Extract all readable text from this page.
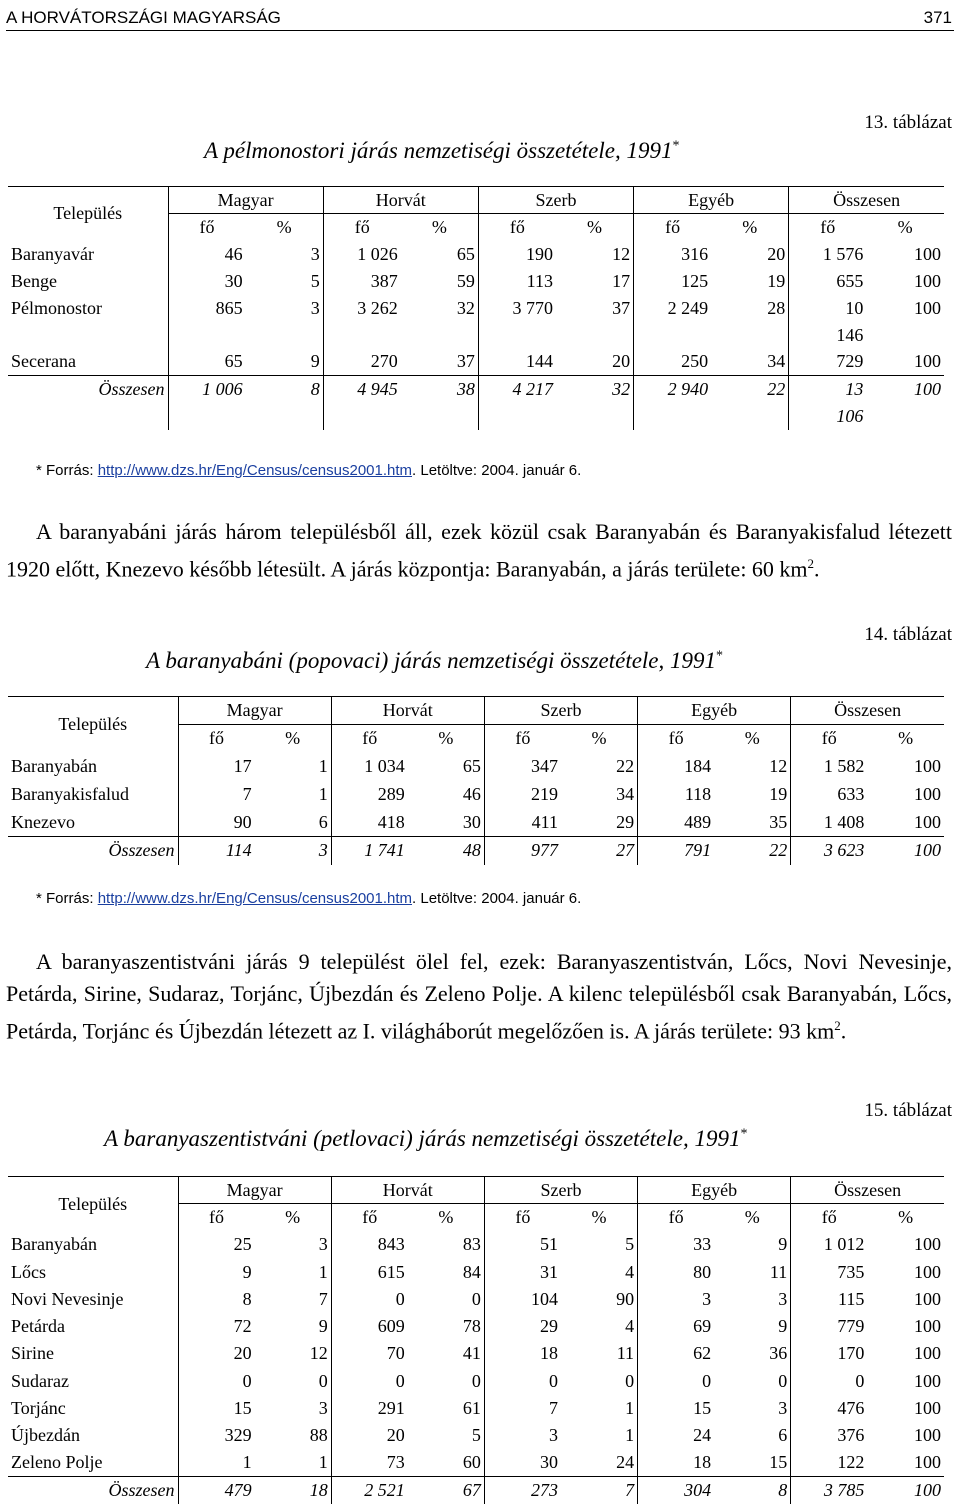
A HORVÁTORSZÁGI MAGYARSÁG	371
13. táblázat
A pélmonostori járás nemzetiségi összetétele, 1991*
Település	Magyar		Horvát		Szerb		Egyéb		Összesen	
	fő	%	fő	%	fő	%	fő	%	fő	%
Baranyavár	46	3	1 026	65	190	12	316	20	1 576	100
Benge	30	5	387	59	113	17	125	19	655	100
Pélmonostor	865	3	3 262	32	3 770	37	2 249	28	10	100
									146	
Secerana	65	9	270	37	144	20	250	34	729	100
Összesen	1 006	8	4 945	38	4 217	32	2 940	22	13	100
									106	
* Forrás: http://www.dzs.hr/Eng/Census/census2001.htm. Letöltve: 2004. január 6.
A baranyabáni járás három településből áll, ezek közül csak Baranyabán és Baranyakisfalud létezett 1920 előtt, Knezevo később létesült. A járás központja: Baranyabán, a járás területe: 60 $km^2$.
14. táblázat
A baranyabáni (popovaci) járás nemzetiségi összetétele, 1991*
Település	Magyar		Horvát		Szerb		Egyéb		Összesen	
	fő	%	fő	%	fő	%	fő	%	fő	%
Baranyabán	17	1	1 034	65	347	22	184	12	1 582	100
Baranyakisfalud	7	1	289	46	219	34	118	19	633	100
Knezevo	90	6	418	30	411	29	489	35	1 408	100
Összesen	114	3	1 741	48	977	27	791	22	3 623	100
* Forrás: http://www.dzs.hr/Eng/Census/census2001.htm. Letöltve: 2004. január 6.
A baranyaszentistváni járás 9 települést ölel fel, ezek: Baranyaszentistván, Lőcs, Novi Nevesinje, Petárda, Sirine, Sudaraz, Torjánc, Újbezdán és Zeleno Polje. A kilenc településből csak Baranyabán, Lőcs, Petárda, Torjánc és Újbezdán létezett az I. világháborút megelőzően is. A járás területe: 93 $km^2$.
15. táblázat
A baranyaszentistváni (petlovaci) járás nemzetiségi összetétele, 1991*
Település	Magyar		Horvát		Szerb		Egyéb		Összesen	
	fő	%	fő	%	fő	%	fő	%	fő	%
Baranyabán	25	3	843	83	51	5	33	9	1 012	100
Lőcs	9	1	615	84	31	4	80	11	735	100
Novi Nevesinje	8	7	0	0	104	90	3	3	115	100
Petárda	72	9	609	78	29	4	69	9	779	100
Sirine	20	12	70	41	18	11	62	36	170	100
Sudaraz	0	0	0	0	0	0	0	0	0	100
Torjánc	15	3	291	61	7	1	15	3	476	100
Újbezdán	329	88	20	5	3	1	24	6	376	100
Zeleno Polje	1	1	73	60	30	24	18	15	122	100
Összesen	479	18	2 521	67	273	7	304	8	3 785	100
